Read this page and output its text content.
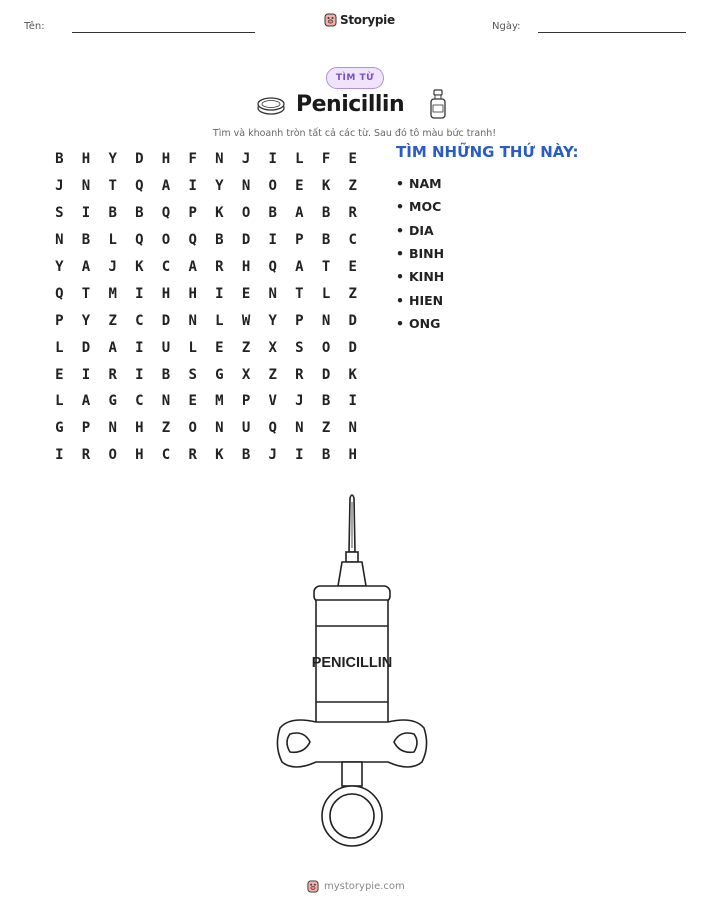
Tên:	Storypie	Ngày:
TÌM TỪ
Penicillin
Tìm và khoanh tròn tất cả các từ. Sau đó tô màu bức tranh!
B	H	Y	D	H	F	N	J	I	L	F	E
J	N	T	Q	A	I	Y	N	O	E	K	Z
S	I	B	B	Q	P	K	O	B	A	B	R
N	B	L	Q	O	Q	B	D	I	P	B	C
Y	A	J	K	C	A	R	H	Q	A	T	E
Q	T	M	I	H	H	I	E	N	T	L	Z
P	Y	Z	C	D	N	L	W	Y	P	N	D
L	D	A	I	U	L	E	Z	X	S	O	D
E	I	R	I	B	S	G	X	Z	R	D	K
L	A	G	C	N	E	M	P	V	J	B	I
G	P	N	H	Z	O	N	U	Q	N	Z	N
I	R	O	H	C	R	K	B	J	I	B	H
TÌM NHỮNG THỨ NÀY:
• NAM
• MOC
• DIA
• BINH
• KINH
• HIEN
• ONG
PENICILLIN
mystorypie.com
